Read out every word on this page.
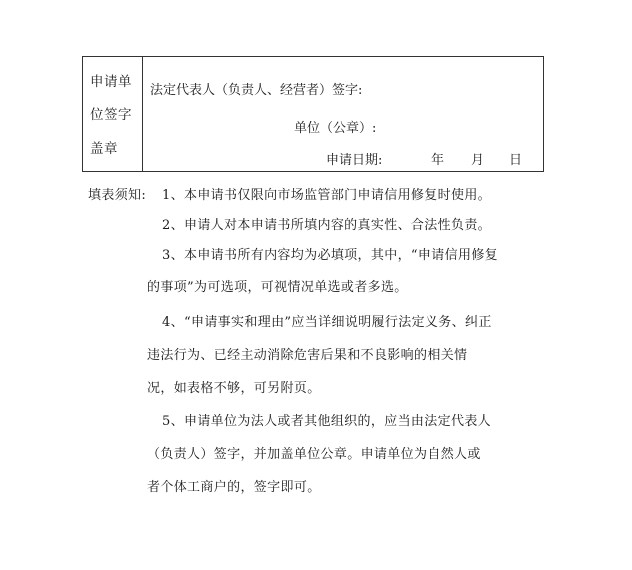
申请单
位签字
盖章
法定代表人（负责人、经营者）签字:
单位（公章）:
申请日期:	年 月 日
填表须知: 1、本申请书仅限向市场监管部门申请信用修复时使用。
2、申请人对本申请书所填内容的真实性、合法性负责。
3、本申请书所有内容均为必填项，其中，“申请信用修复
的事项”为可选项，可视情况单选或者多选。
4、“申请事实和理由”应当详细说明履行法定义务、纠正
违法行为、已经主动消除危害后果和不良影响的相关情
况，如表格不够，可另附页。
5、申请单位为法人或者其他组织的，应当由法定代表人
（负责人）签字，并加盖单位公章。申请单位为自然人或
者个体工商户的，签字即可。
